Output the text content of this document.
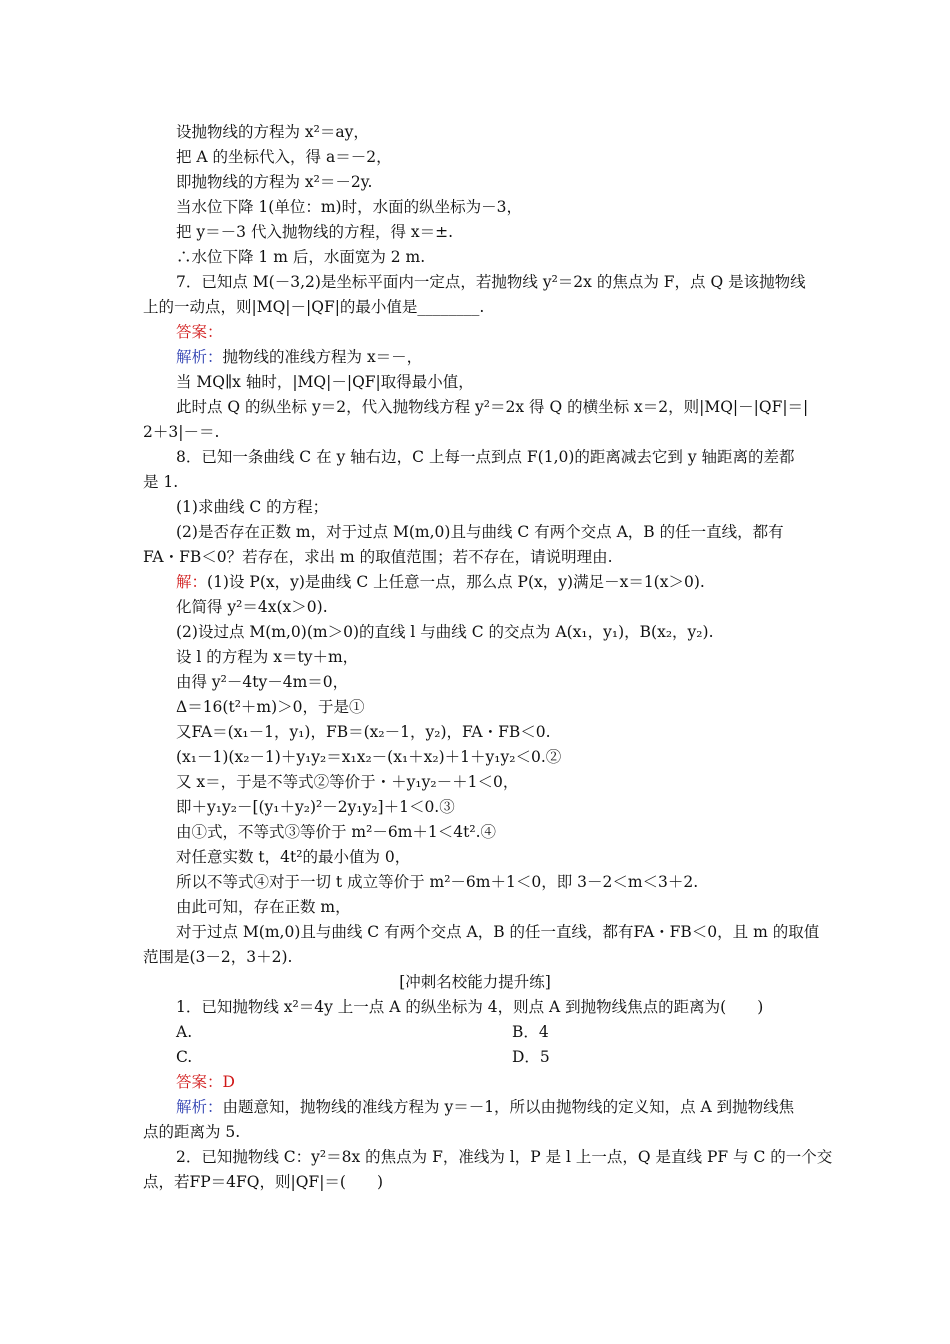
设抛物线的方程为 x²＝ay，
把 A 的坐标代入，得 a＝－2，
即抛物线的方程为 x²＝－2y.
当水位下降 1(单位：m)时，水面的纵坐标为－3，
把 y＝－3 代入抛物线的方程，得 x＝±.
∴水位下降 1 m 后，水面宽为 2 m.
7．已知点 M(－3,2)是坐标平面内一定点，若抛物线 y²＝2x 的焦点为 F，点 Q 是该抛物线
上的一动点，则|MQ|－|QF|的最小值是________.
答案：
解析：抛物线的准线方程为 x＝－，
当 MQ∥x 轴时，|MQ|－|QF|取得最小值，
此时点 Q 的纵坐标 y＝2，代入抛物线方程 y²＝2x 得 Q 的横坐标 x＝2，则|MQ|－|QF|＝|
2＋3|－＝.
8．已知一条曲线 C 在 y 轴右边，C 上每一点到点 F(1,0)的距离减去它到 y 轴距离的差都
是 1.
(1)求曲线 C 的方程；
(2)是否存在正数 m，对于过点 M(m,0)且与曲线 C 有两个交点 A，B 的任一直线，都有
FA・FB＜0？若存在，求出 m 的取值范围；若不存在，请说明理由.
解：(1)设 P(x，y)是曲线 C 上任意一点，那么点 P(x，y)满足－x＝1(x＞0).
化简得 y²＝4x(x＞0).
(2)设过点 M(m,0)(m＞0)的直线 l 与曲线 C 的交点为 A(x₁，y₁)，B(x₂，y₂).
设 l 的方程为 x＝ty＋m，
由得 y²－4ty－4m＝0，
Δ＝16(t²＋m)＞0，于是①
又FA＝(x₁－1，y₁)，FB＝(x₂－1，y₂)，FA・FB＜0.
(x₁－1)(x₂－1)＋y₁y₂＝x₁x₂－(x₁＋x₂)＋1＋y₁y₂＜0.②
又 x＝，于是不等式②等价于・＋y₁y₂－＋1＜0，
即＋y₁y₂－[(y₁＋y₂)²－2y₁y₂]＋1＜0.③
由①式，不等式③等价于 m²－6m＋1＜4t².④
对任意实数 t，4t²的最小值为 0，
所以不等式④对于一切 t 成立等价于 m²－6m＋1＜0，即 3－2＜m＜3＋2.
由此可知，存在正数 m，
对于过点 M(m,0)且与曲线 C 有两个交点 A，B 的任一直线，都有FA・FB＜0，且 m 的取值
范围是(3－2，3＋2).
[冲刺名校能力提升练]
1．已知抛物线 x²＝4y 上一点 A 的纵坐标为 4，则点 A 到抛物线焦点的距离为(　　)
A.	B．4
C.	D．5
答案：D
解析：由题意知，抛物线的准线方程为 y＝－1，所以由抛物线的定义知，点 A 到抛物线焦
点的距离为 5.
2．已知抛物线 C：y²＝8x 的焦点为 F，准线为 l，P 是 l 上一点，Q 是直线 PF 与 C 的一个交
点，若FP＝4FQ，则|QF|＝(　　)
